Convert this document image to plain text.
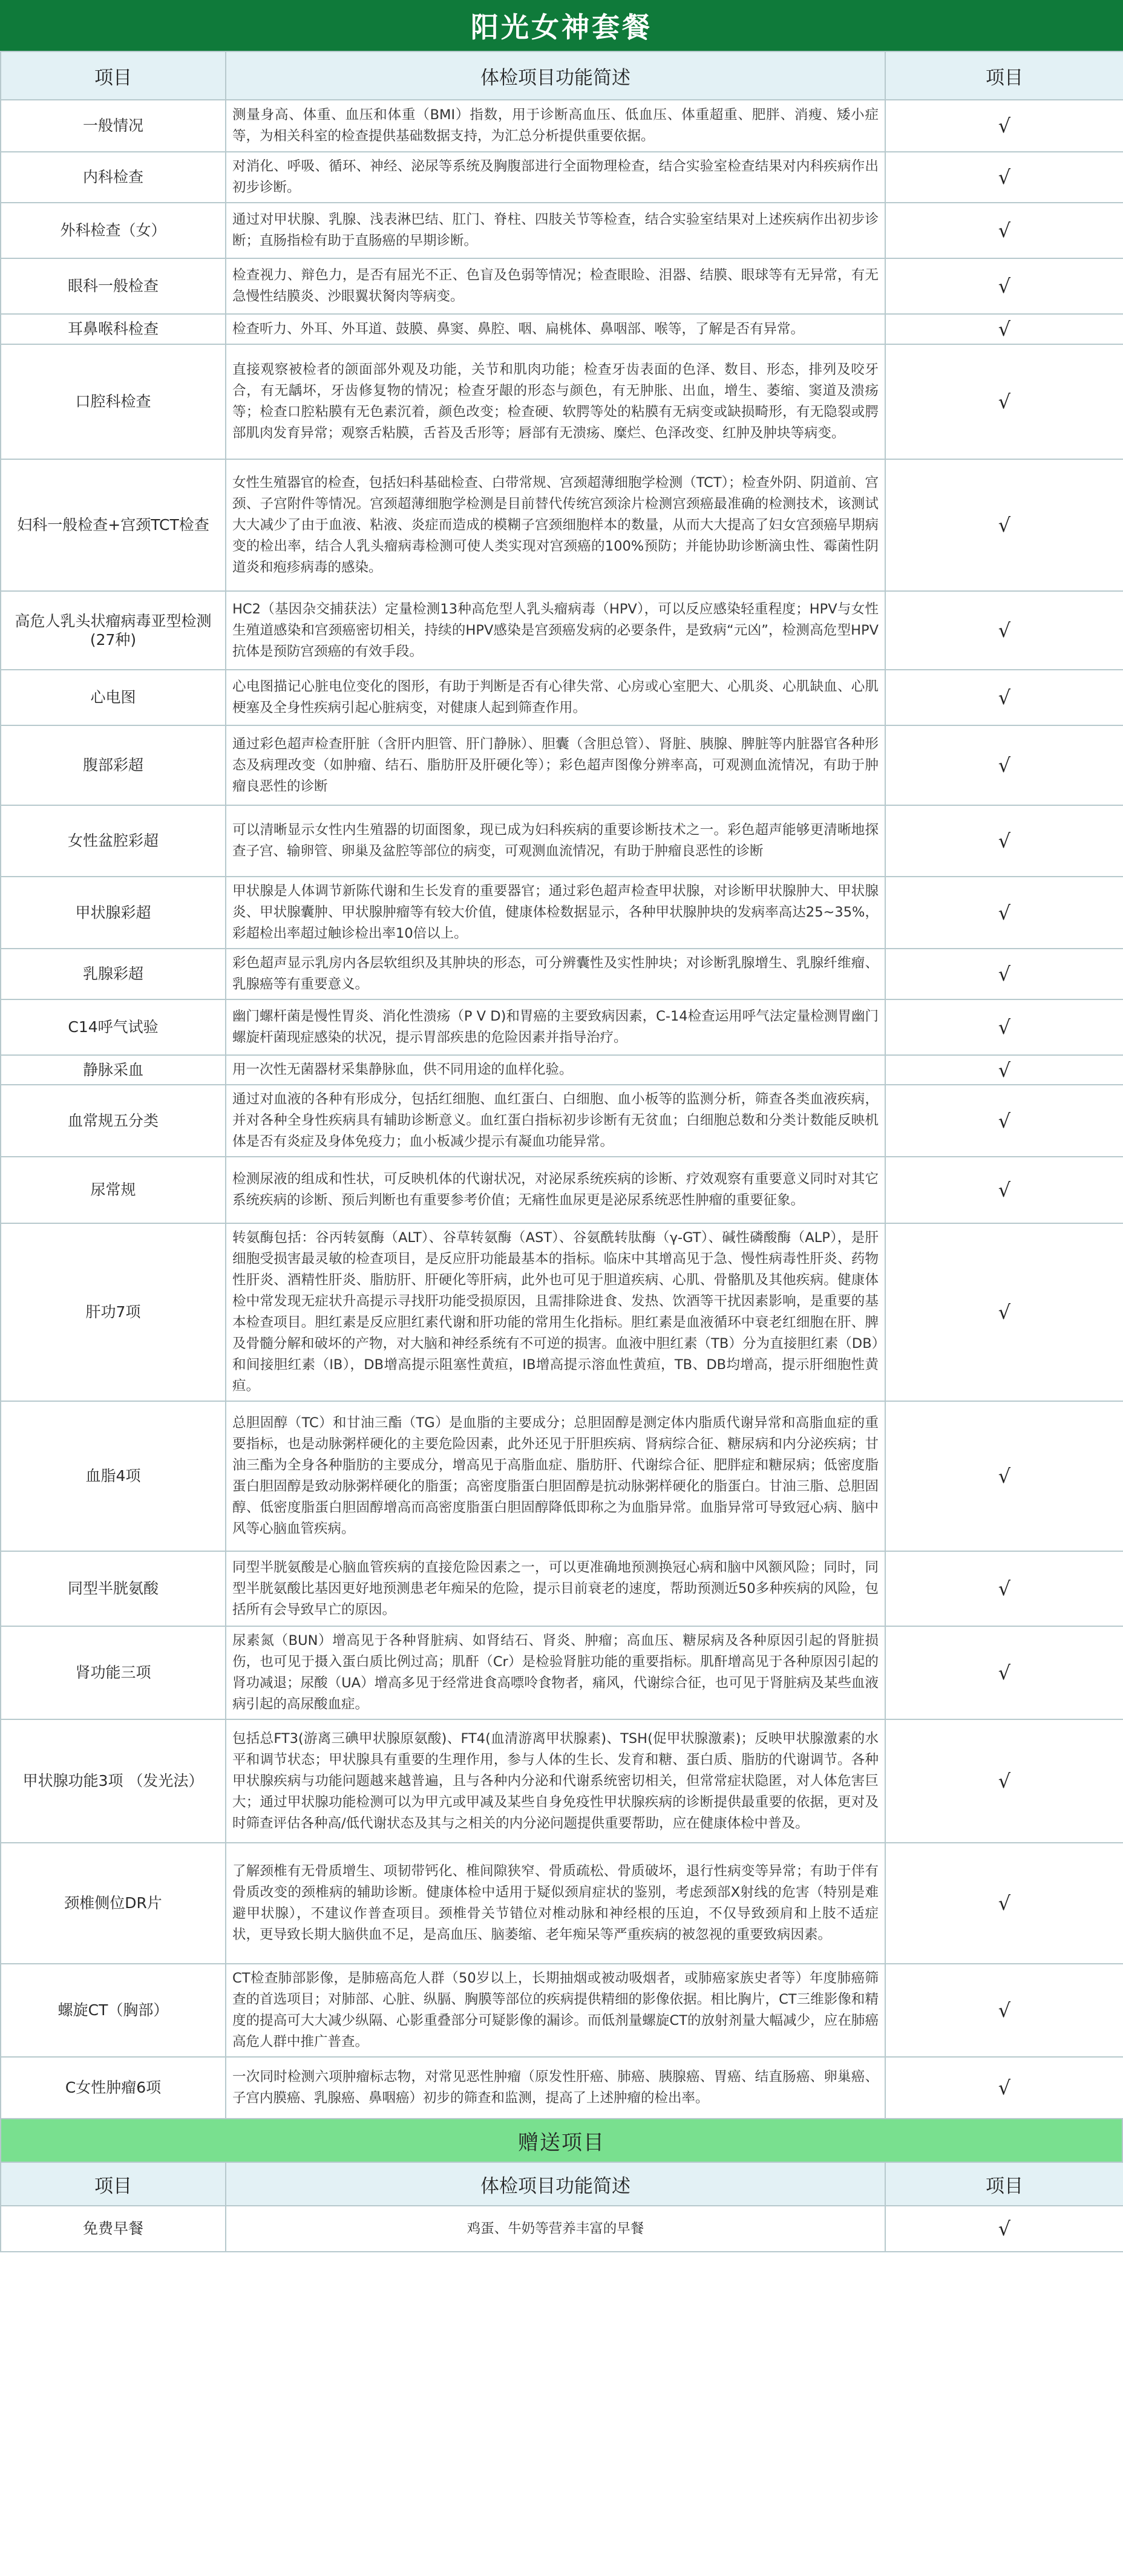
阳光女神套餐
项目	体检项目功能简述	项目
一般情况	测量身高、体重、血压和体重（BMI）指数，用于诊断高血压、低血压、体重超重、肥胖、消瘦、矮小症等，为相关科室的检查提供基础数据支持，为汇总分析提供重要依据。	√
内科检查	对消化、呼吸、循环、神经、泌尿等系统及胸腹部进行全面物理检查，结合实验室检查结果对内科疾病作出初步诊断。	√
外科检查（女）	通过对甲状腺、乳腺、浅表淋巴结、肛门、脊柱、四肢关节等检查，结合实验室结果对上述疾病作出初步诊断；直肠指检有助于直肠癌的早期诊断。	√
眼科一般检查	检查视力、辩色力，是否有屈光不正、色盲及色弱等情况；检查眼睑、泪器、结膜、眼球等有无异常，有无急慢性结膜炎、沙眼翼状胬肉等病变。	√
耳鼻喉科检查	检查听力、外耳、外耳道、鼓膜、鼻窦、鼻腔、咽、扁桃体、鼻咽部、喉等，了解是否有异常。	√
口腔科检查	直接观察被检者的颌面部外观及功能，关节和肌肉功能；检查牙齿表面的色泽、数目、形态，排列及咬牙合，有无龋坏，牙齿修复物的情况；检查牙龈的形态与颜色，有无肿胀、出血，增生、萎缩、窦道及溃疡等；检查口腔粘膜有无色素沉着，颜色改变；检查硬、软腭等处的粘膜有无病变或缺损畸形，有无隐裂或腭部肌肉发育异常；观察舌粘膜，舌苔及舌形等；唇部有无溃疡、糜烂、色泽改变、红肿及肿块等病变。	√
妇科一般检查+宫颈TCT检查	女性生殖器官的检查，包括妇科基础检查、白带常规、宫颈超薄细胞学检测（TCT）；检查外阴、阴道前、宫颈、子宫附件等情况。宫颈超薄细胞学检测是目前替代传统宫颈涂片检测宫颈癌最准确的检测技术，该测试大大减少了由于血液、粘液、炎症而造成的模糊子宫颈细胞样本的数量，从而大大提高了妇女宫颈癌早期病变的检出率，结合人乳头瘤病毒检测可使人类实现对宫颈癌的100%预防；并能协助诊断滴虫性、霉菌性阴道炎和疱疹病毒的感染。	√
高危人乳头状瘤病毒亚型检测(27种)	HC2（基因杂交捕获法）定量检测13种高危型人乳头瘤病毒（HPV），可以反应感染轻重程度；HPV与女性生殖道感染和宫颈癌密切相关，持续的HPV感染是宫颈癌发病的必要条件，是致病“元凶”，检测高危型HPV抗体是预防宫颈癌的有效手段。	√
心电图	心电图描记心脏电位变化的图形，有助于判断是否有心律失常、心房或心室肥大、心肌炎、心肌缺血、心肌梗塞及全身性疾病引起心脏病变，对健康人起到筛查作用。	√
腹部彩超	通过彩色超声检查肝脏（含肝内胆管、肝门静脉）、胆囊（含胆总管）、肾脏、胰腺、脾脏等内脏器官各种形态及病理改变（如肿瘤、结石、脂肪肝及肝硬化等）；彩色超声图像分辨率高，可观测血流情况，有助于肿瘤良恶性的诊断	√
女性盆腔彩超	可以清晰显示女性内生殖器的切面图象，现已成为妇科疾病的重要诊断技术之一。彩色超声能够更清晰地探查子宫、输卵管、卵巢及盆腔等部位的病变，可观测血流情况，有助于肿瘤良恶性的诊断	√
甲状腺彩超	甲状腺是人体调节新陈代谢和生长发育的重要器官；通过彩色超声检查甲状腺，对诊断甲状腺肿大、甲状腺炎、甲状腺囊肿、甲状腺肿瘤等有较大价值，健康体检数据显示，各种甲状腺肿块的发病率高达25~35%，彩超检出率超过触诊检出率10倍以上。	√
乳腺彩超	彩色超声显示乳房内各层软组织及其肿块的形态，可分辨囊性及实性肿块；对诊断乳腺增生、乳腺纤维瘤、乳腺癌等有重要意义。	√
C14呼气试验	幽门螺杆菌是慢性胃炎、消化性溃疡（P V D)和胃癌的主要致病因素，C-14检查运用呼气法定量检测胃幽门螺旋杆菌现症感染的状况，提示胃部疾患的危险因素并指导治疗。	√
静脉采血	用一次性无菌器材采集静脉血，供不同用途的血样化验。	√
血常规五分类	通过对血液的各种有形成分，包括红细胞、血红蛋白、白细胞、血小板等的监测分析，筛查各类血液疾病，并对各种全身性疾病具有辅助诊断意义。血红蛋白指标初步诊断有无贫血；白细胞总数和分类计数能反映机体是否有炎症及身体免疫力；血小板减少提示有凝血功能异常。	√
尿常规	检测尿液的组成和性状，可反映机体的代谢状况，对泌尿系统疾病的诊断、疗效观察有重要意义同时对其它系统疾病的诊断、预后判断也有重要参考价值；无痛性血尿更是泌尿系统恶性肿瘤的重要征象。	√
肝功7项	转氨酶包括：谷丙转氨酶（ALT）、谷草转氨酶（AST）、谷氨酰转肽酶（γ-GT）、碱性磷酸酶（ALP），是肝细胞受损害最灵敏的检查项目，是反应肝功能最基本的指标。临床中其增高见于急、慢性病毒性肝炎、药物性肝炎、酒精性肝炎、脂肪肝、肝硬化等肝病，此外也可见于胆道疾病、心肌、骨骼肌及其他疾病。健康体检中常发现无症状升高提示寻找肝功能受损原因，且需排除进食、发热、饮酒等干扰因素影响，是重要的基本检查项目。胆红素是反应胆红素代谢和肝功能的常用生化指标。胆红素是血液循环中衰老红细胞在肝、脾及骨髓分解和破坏的产物，对大脑和神经系统有不可逆的损害。血液中胆红素（TB）分为直接胆红素（DB）和间接胆红素（IB），DB增高提示阻塞性黄疸，IB增高提示溶血性黄疸，TB、DB均增高，提示肝细胞性黄疸。	√
血脂4项	总胆固醇（TC）和甘油三酯（TG）是血脂的主要成分；总胆固醇是测定体内脂质代谢异常和高脂血症的重要指标，也是动脉粥样硬化的主要危险因素，此外还见于肝胆疾病、肾病综合征、糖尿病和内分泌疾病；甘油三酯为全身各种脂肪的主要成分，增高见于高脂血症、脂肪肝、代谢综合征、肥胖症和糖尿病；低密度脂蛋白胆固醇是致动脉粥样硬化的脂蛋；高密度脂蛋白胆固醇是抗动脉粥样硬化的脂蛋白。甘油三脂、总胆固醇、低密度脂蛋白胆固醇增高而高密度脂蛋白胆固醇降低即称之为血脂异常。血脂异常可导致冠心病、脑中风等心脑血管疾病。	√
同型半胱氨酸	同型半胱氨酸是心脑血管疾病的直接危险因素之一，可以更准确地预测换冠心病和脑中风额风险；同时，同型半胱氨酸比基因更好地预测患老年痴呆的危险，提示目前衰老的速度，帮助预测近50多种疾病的风险，包括所有会导致早亡的原因。	√
肾功能三项	尿素氮（BUN）增高见于各种肾脏病、如肾结石、肾炎、肿瘤；高血压、糖尿病及各种原因引起的肾脏损伤，也可见于摄入蛋白质比例过高；肌酐（Cr）是检验肾脏功能的重要指标。肌酐增高见于各种原因引起的肾功减退；尿酸（UA）增高多见于经常进食高嘌呤食物者，痛风，代谢综合征，也可见于肾脏病及某些血液病引起的高尿酸血症。	√
甲状腺功能3项 （发光法）	包括总FT3(游离三碘甲状腺原氨酸)、FT4(血清游离甲状腺素)、TSH(促甲状腺激素)；反映甲状腺激素的水平和调节状态；甲状腺具有重要的生理作用，参与人体的生长、发育和糖、蛋白质、脂肪的代谢调节。各种甲状腺疾病与功能问题越来越普遍，且与各种内分泌和代谢系统密切相关，但常常症状隐匿，对人体危害巨大；通过甲状腺功能检测可以为甲亢或甲减及某些自身免疫性甲状腺疾病的诊断提供最重要的依据，更对及时筛查评估各种高/低代谢状态及其与之相关的内分泌问题提供重要帮助，应在健康体检中普及。	√
颈椎侧位DR片	了解颈椎有无骨质增生、项韧带钙化、椎间隙狭窄、骨质疏松、骨质破坏，退行性病变等异常；有助于伴有骨质改变的颈椎病的辅助诊断。健康体检中适用于疑似颈肩症状的鉴别，考虑颈部X射线的危害（特别是难避甲状腺），不建议作普查项目。颈椎骨关节错位对椎动脉和神经根的压迫，不仅导致颈肩和上肢不适症状，更导致长期大脑供血不足，是高血压、脑萎缩、老年痴呆等严重疾病的被忽视的重要致病因素。	√
螺旋CT（胸部）	CT检查肺部影像，是肺癌高危人群（50岁以上，长期抽烟或被动吸烟者，或肺癌家族史者等）年度肺癌筛查的首选项目；对肺部、心脏、纵膈、胸膜等部位的疾病提供精细的影像依据。相比胸片，CT三维影像和精度的提高可大大减少纵隔、心影重叠部分可疑影像的漏诊。而低剂量螺旋CT的放射剂量大幅减少，应在肺癌高危人群中推广普查。	√
C女性肿瘤6项	一次同时检测六项肿瘤标志物，对常见恶性肿瘤（原发性肝癌、肺癌、胰腺癌、胃癌、结直肠癌、卵巢癌、子宫内膜癌、乳腺癌、鼻咽癌）初步的筛查和监测，提高了上述肿瘤的检出率。	√
赠送项目
项目	体检项目功能简述	项目
免费早餐	鸡蛋、牛奶等营养丰富的早餐	√
